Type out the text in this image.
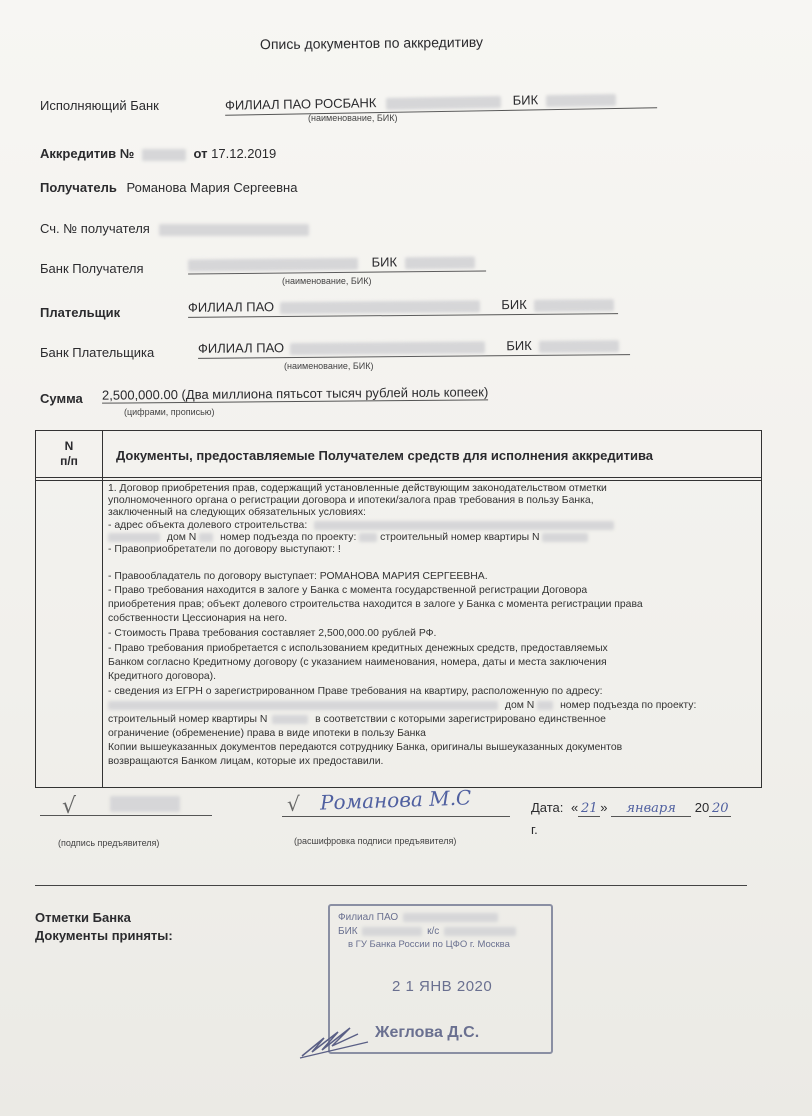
Опись документов по аккредитиву
Исполняющий Банк	ФИЛИАЛ ПАО РОСБАНК	БИК
(наименование, БИК)
Аккредитив №	от 17.12.2019
Получатель Романова Мария Сергеевна
Сч. № получателя
Банк Получателя	БИК
(наименование, БИК)
Плательщик	ФИЛИАЛ ПАО	БИК
Банк Плательщика	ФИЛИАЛ ПАО	БИК
(наименование, БИК)
Сумма 2,500,000.00 (Два миллиона пятьсот тысяч рублей ноль копеек)
(цифрами, прописью)
N
п/п	Документы, предоставляемые Получателем средств для исполнения аккредитива
1. Договор приобретения прав, содержащий установленные действующим законодательством отметки
уполномоченного органа о регистрации договора и ипотеки/залога прав требования в пользу Банка,
заключенный на следующих обязательных условиях:
- адрес объекта долевого строительства:
дом N номер подъезда по проекту: строительный номер квартиры N
- Правоприобретатели по договору выступают: !
- Правообладатель по договору выступает: РОМАНОВА МАРИЯ СЕРГЕЕВНА.
- Право требования находится в залоге у Банка с момента государственной регистрации Договора
приобретения прав; объект долевого строительства находится в залоге у Банка с момента регистрации права
собственности Цессионария на него.
- Стоимость Права требования составляет 2,500,000.00 рублей РФ.
- Право требования приобретается с использованием кредитных денежных средств, предоставляемых
Банком согласно Кредитному договору (с указанием наименования, номера, даты и места заключения
Кредитного договора).
- сведения из ЕГРН о зарегистрированном Праве требования на квартиру, расположенную по адресу:
дом N номер подъезда по проекту:
строительный номер квартиры N	в соответствии с которыми зарегистрировано единственное
ограничение (обременение) права в виде ипотеки в пользу Банка
Копии вышеуказанных документов передаются сотруднику Банка, оригиналы вышеуказанных документов
возвращаются Банком лицам, которые их предоставили.
√
(подпись предъявителя)
√ Романова М.С
(расшифровка подписи предъявителя)
Дата: « 21 » января 20 20
г.
Отметки Банка
Документы приняты:
Филиал ПАО
БИК	к/с
в ГУ Банка России по ЦФО г. Москва
2 1 ЯНВ 2020
Жеглова Д.С.
